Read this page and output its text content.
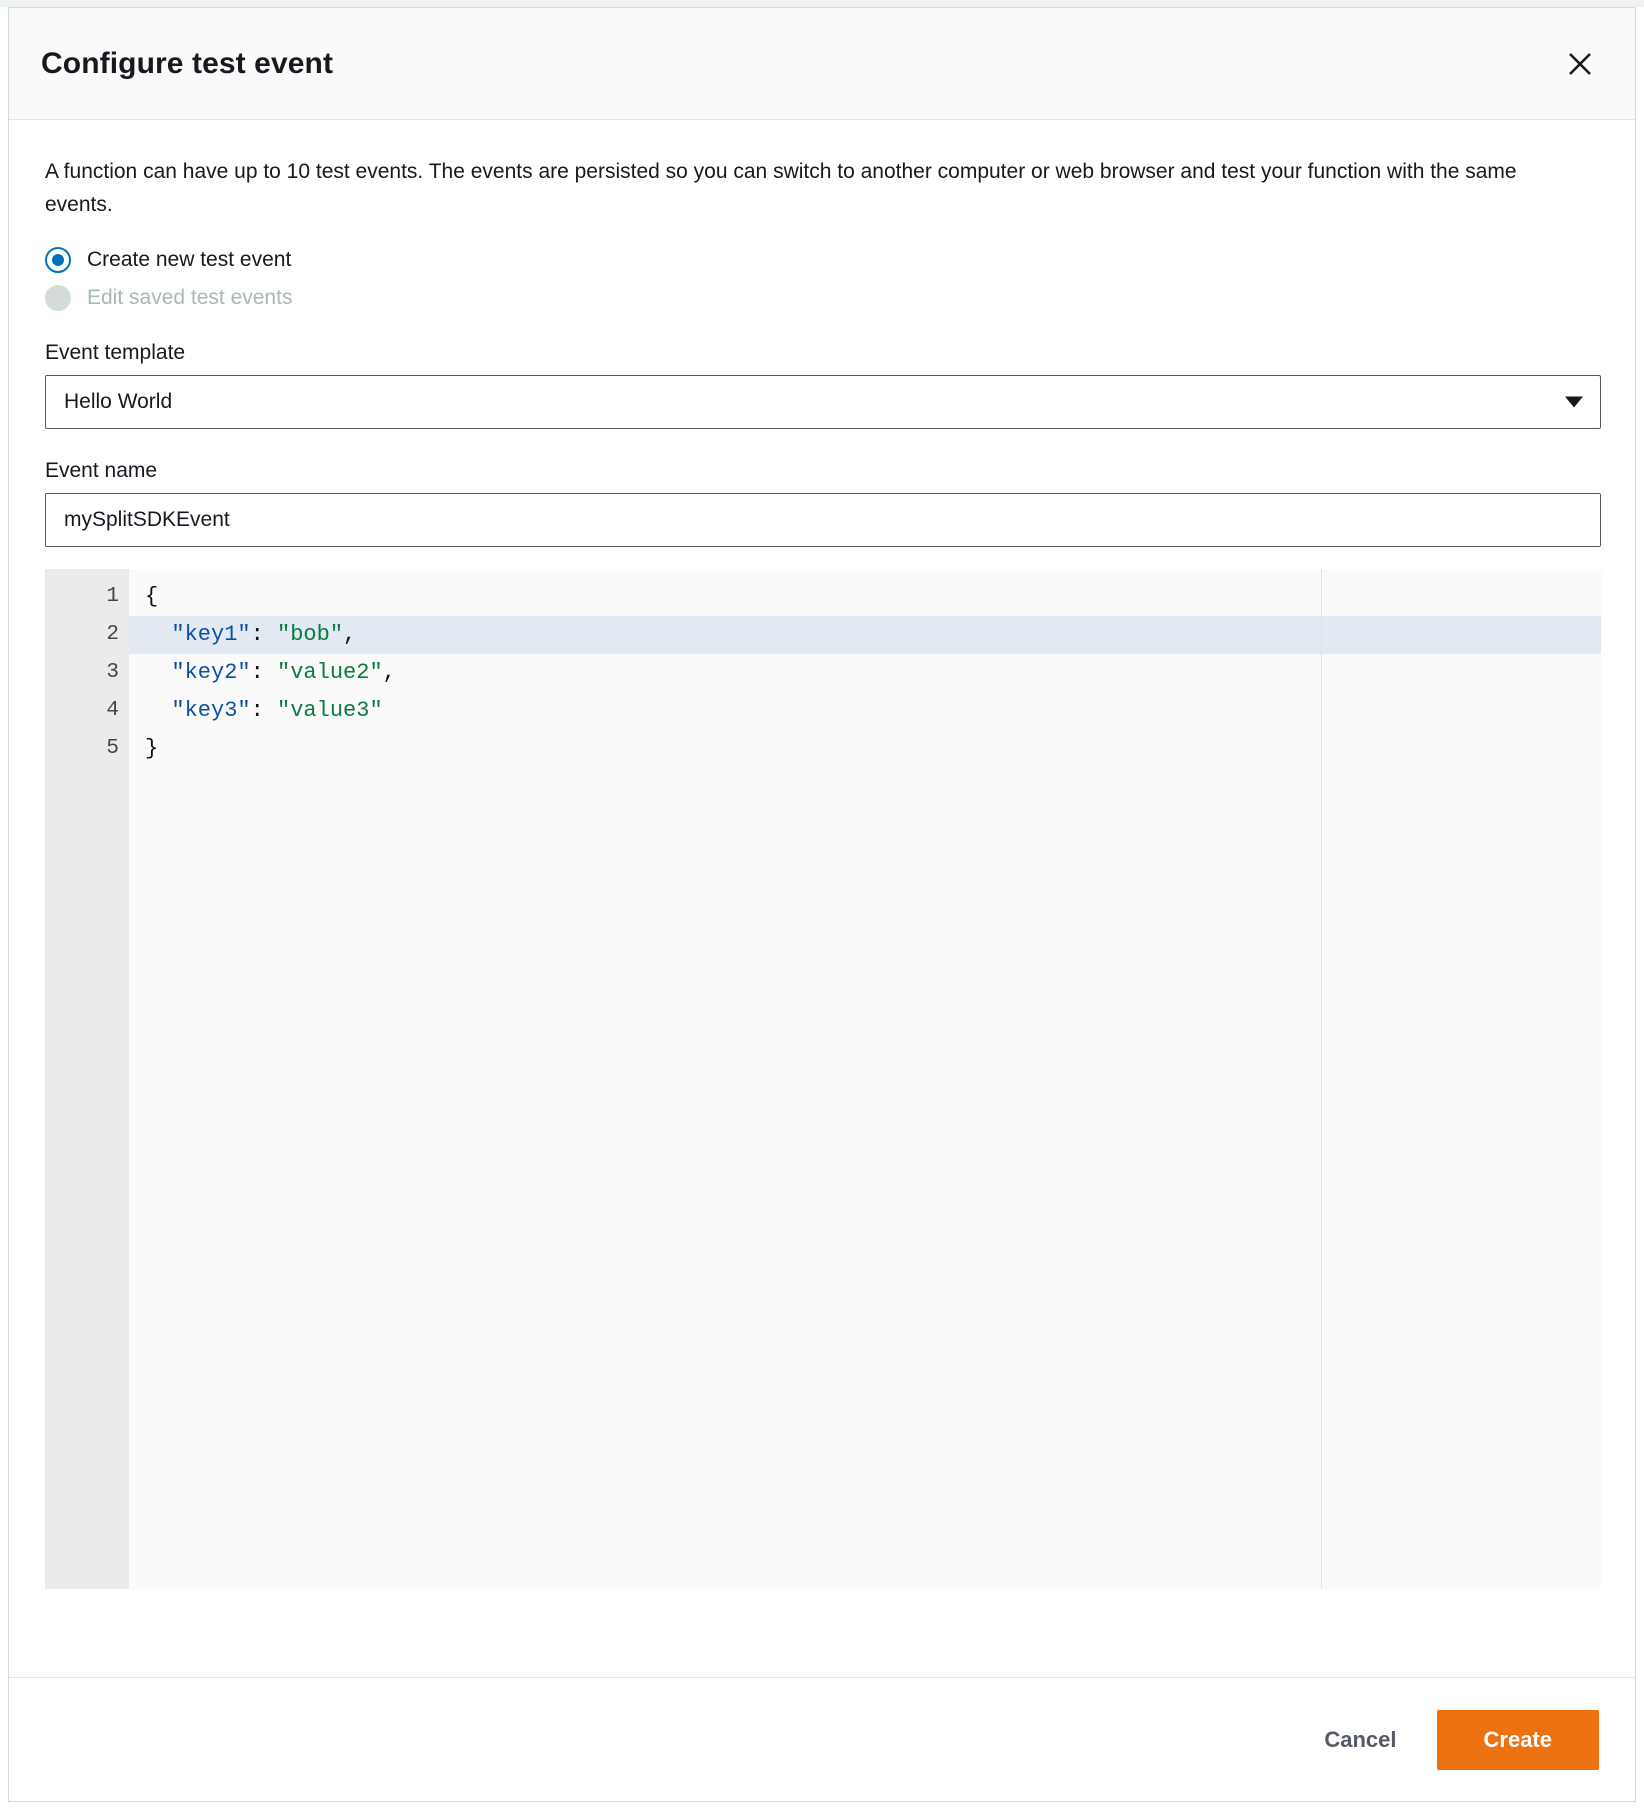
Configure test event

A function can have up to 10 test events. The events are persisted so you can switch to another computer or web browser and test your function with the same events.

Create new test event
Edit saved test events
Event template
Hello World
Event name
mySplitSDKEvent
1
2
3
4
5
{
"key1": "bob",
"key2": "value2",
"key3": "value3"
}
Cancel	Create
